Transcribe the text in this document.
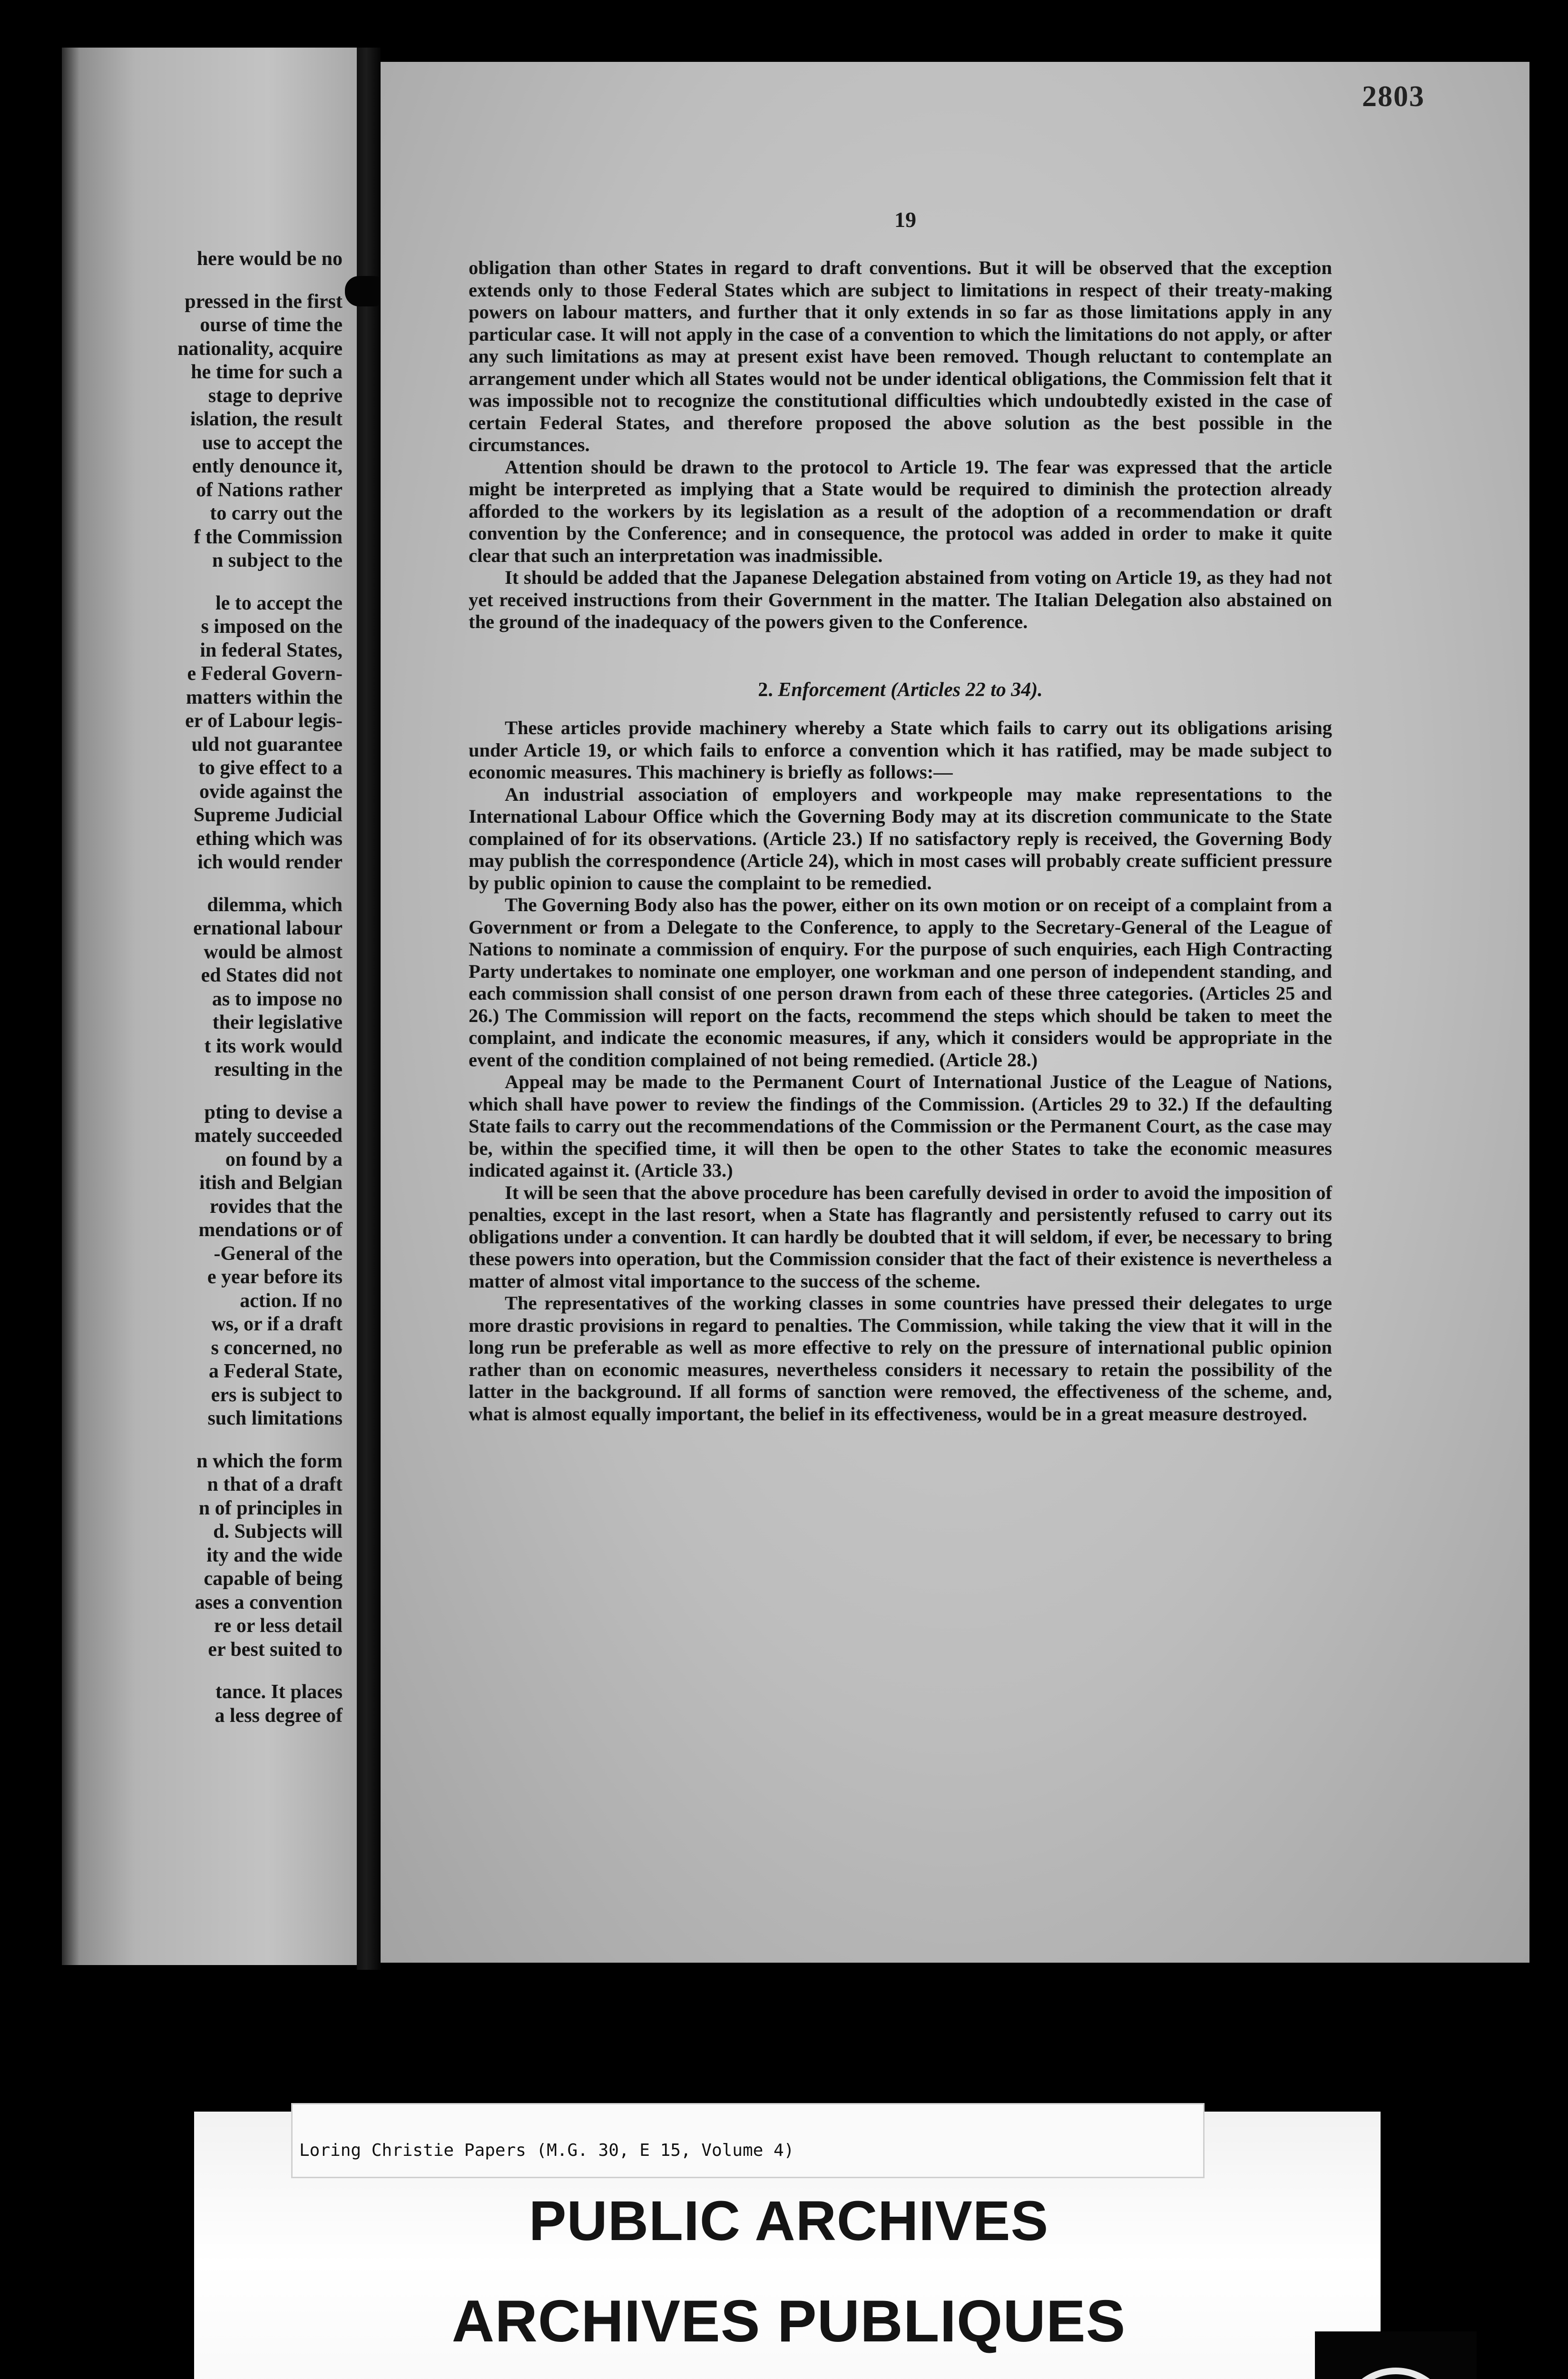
here would be no
pressed in the first
ourse of time the
nationality, acquire
he time for such a
stage to deprive
islation, the result
use to accept the
ently denounce it,
of Nations rather
to carry out the
f the Commission
n subject to the
le to accept the
s imposed on the
in federal States,
e Federal Govern-
matters within the
er of Labour legis-
uld not guarantee
to give effect to a
ovide against the
Supreme Judicial
ething which was
ich would render
dilemma, which
ernational labour
would be almost
ed States did not
as to impose no
their legislative
t its work would
resulting in the
pting to devise a
mately succeeded
on found by a
itish and Belgian
rovides that the
mendations or of
-General of the
e year before its
action. If no
ws, or if a draft
s concerned, no
a Federal State,
ers is subject to
such limitations
n which the form
n that of a draft
n of principles in
d. Subjects will
ity and the wide
capable of being
ases a convention
re or less detail
er best suited to
tance. It places
a less degree of
2803
19

obligation than other States in regard to draft conventions. But it will be observed that the exception extends only to those Federal States which are subject to limitations in respect of their treaty-making powers on labour matters, and further that it only extends in so far as those limitations apply in any particular case. It will not apply in the case of a convention to which the limitations do not apply, or after any such limitations as may at present exist have been removed. Though reluctant to contemplate an arrangement under which all States would not be under identical obligations, the Commission felt that it was impossible not to recognize the constitutional difficulties which undoubtedly existed in the case of certain Federal States, and therefore proposed the above solution as the best possible in the circumstances.

Attention should be drawn to the protocol to Article 19. The fear was expressed that the article might be interpreted as implying that a State would be required to diminish the protection already afforded to the workers by its legislation as a result of the adoption of a recommendation or draft convention by the Conference; and in consequence, the protocol was added in order to make it quite clear that such an interpretation was inadmissible.

It should be added that the Japanese Delegation abstained from voting on Article 19, as they had not yet received instructions from their Government in the matter. The Italian Delegation also abstained on the ground of the inadequacy of the powers given to the Conference.

2. Enforcement (Articles 22 to 34).

These articles provide machinery whereby a State which fails to carry out its obligations arising under Article 19, or which fails to enforce a convention which it has ratified, may be made subject to economic measures. This machinery is briefly as follows:—

An industrial association of employers and workpeople may make representations to the International Labour Office which the Governing Body may at its discretion communicate to the State complained of for its observations. (Article 23.) If no satisfactory reply is received, the Governing Body may publish the correspondence (Article 24), which in most cases will probably create sufficient pressure by public opinion to cause the complaint to be remedied.

The Governing Body also has the power, either on its own motion or on receipt of a complaint from a Government or from a Delegate to the Conference, to apply to the Secretary-General of the League of Nations to nominate a commission of enquiry. For the purpose of such enquiries, each High Contracting Party undertakes to nominate one employer, one workman and one person of independent standing, and each commission shall consist of one person drawn from each of these three categories. (Articles 25 and 26.) The Commission will report on the facts, recommend the steps which should be taken to meet the complaint, and indicate the economic measures, if any, which it considers would be appropriate in the event of the condition complained of not being remedied. (Article 28.)

Appeal may be made to the Permanent Court of International Justice of the League of Nations, which shall have power to review the findings of the Commission. (Articles 29 to 32.) If the defaulting State fails to carry out the recommendations of the Commission or the Permanent Court, as the case may be, within the specified time, it will then be open to the other States to take the economic measures indicated against it. (Article 33.)

It will be seen that the above procedure has been carefully devised in order to avoid the imposition of penalties, except in the last resort, when a State has flagrantly and persistently refused to carry out its obligations under a convention. It can hardly be doubted that it will seldom, if ever, be necessary to bring these powers into operation, but the Commission consider that the fact of their existence is nevertheless a matter of almost vital importance to the success of the scheme.

The representatives of the working classes in some countries have pressed their delegates to urge more drastic provisions in regard to penalties. The Commission, while taking the view that it will in the long run be preferable as well as more effective to rely on the pressure of international public opinion rather than on economic measures, nevertheless considers it necessary to retain the possibility of the latter in the background. If all forms of sanction were removed, the effectiveness of the scheme, and, what is almost equally important, the belief in its effectiveness, would be in a great measure destroyed.

Loring Christie Papers (M.G. 30, E 15, Volume 4)
PUBLIC ARCHIVES
ARCHIVES PUBLIQUES
